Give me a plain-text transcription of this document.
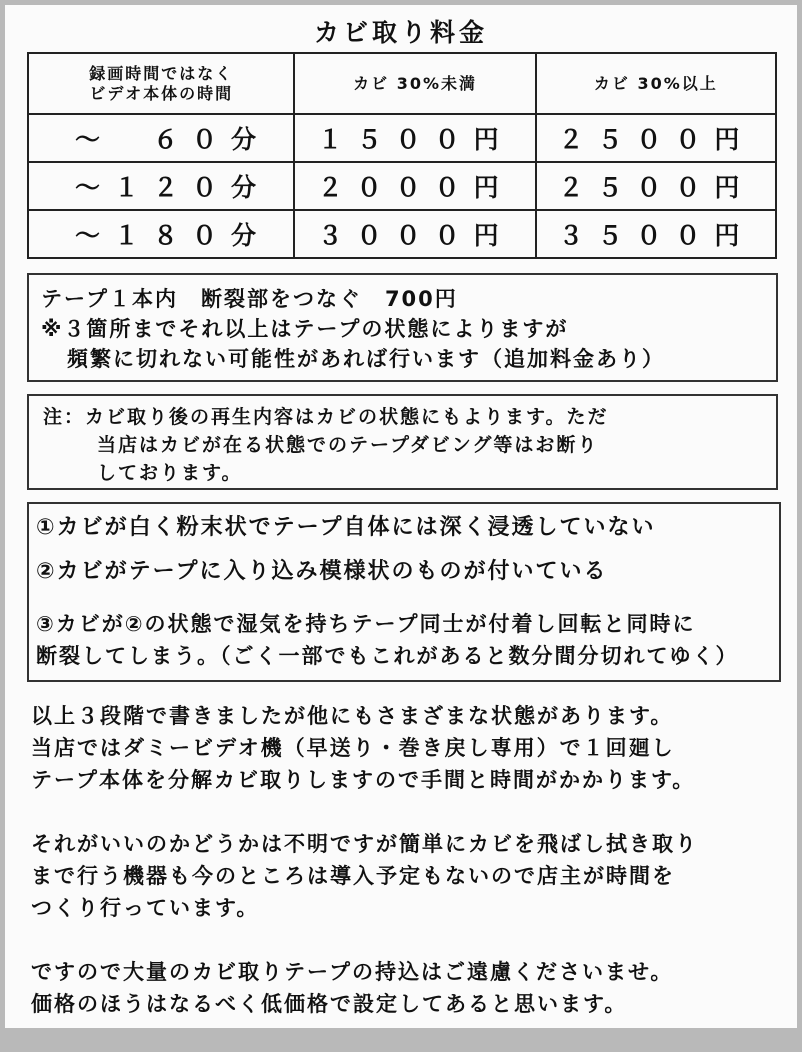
カビ取り料金
録画時間ではなく
ビデオ本体の時間	カビ 30%未満	カビ 30%以上
～　６０分	１５００円	２５００円
～１２０分	２０００円	２５００円
～１８０分	３０００円	３５００円
テープ１本内　断裂部をつなぐ　700円
※３箇所までそれ以上はテープの状態によりますが
頻繁に切れない可能性があれば行います（追加料金あり）
注：カビ取り後の再生内容はカビの状態にもよります。ただ
当店はカビが在る状態でのテープダビング等はお断り
しております。
①カビが白く粉末状でテープ自体には深く浸透していない
②カビがテープに入り込み模様状のものが付いている
③カビが②の状態で湿気を持ちテープ同士が付着し回転と同時に
断裂してしまう。（ごく一部でもこれがあると数分間分切れてゆく）

以上３段階で書きましたが他にもさまざまな状態があります。
当店ではダミービデオ機（早送り・巻き戻し専用）で１回廻し
テープ本体を分解カビ取りしますので手間と時間がかかります。

それがいいのかどうかは不明ですが簡単にカビを飛ばし拭き取り
まで行う機器も今のところは導入予定もないので店主が時間を
つくり行っています。

ですので大量のカビ取りテープの持込はご遠慮くださいませ。
価格のほうはなるべく低価格で設定してあると思います。
